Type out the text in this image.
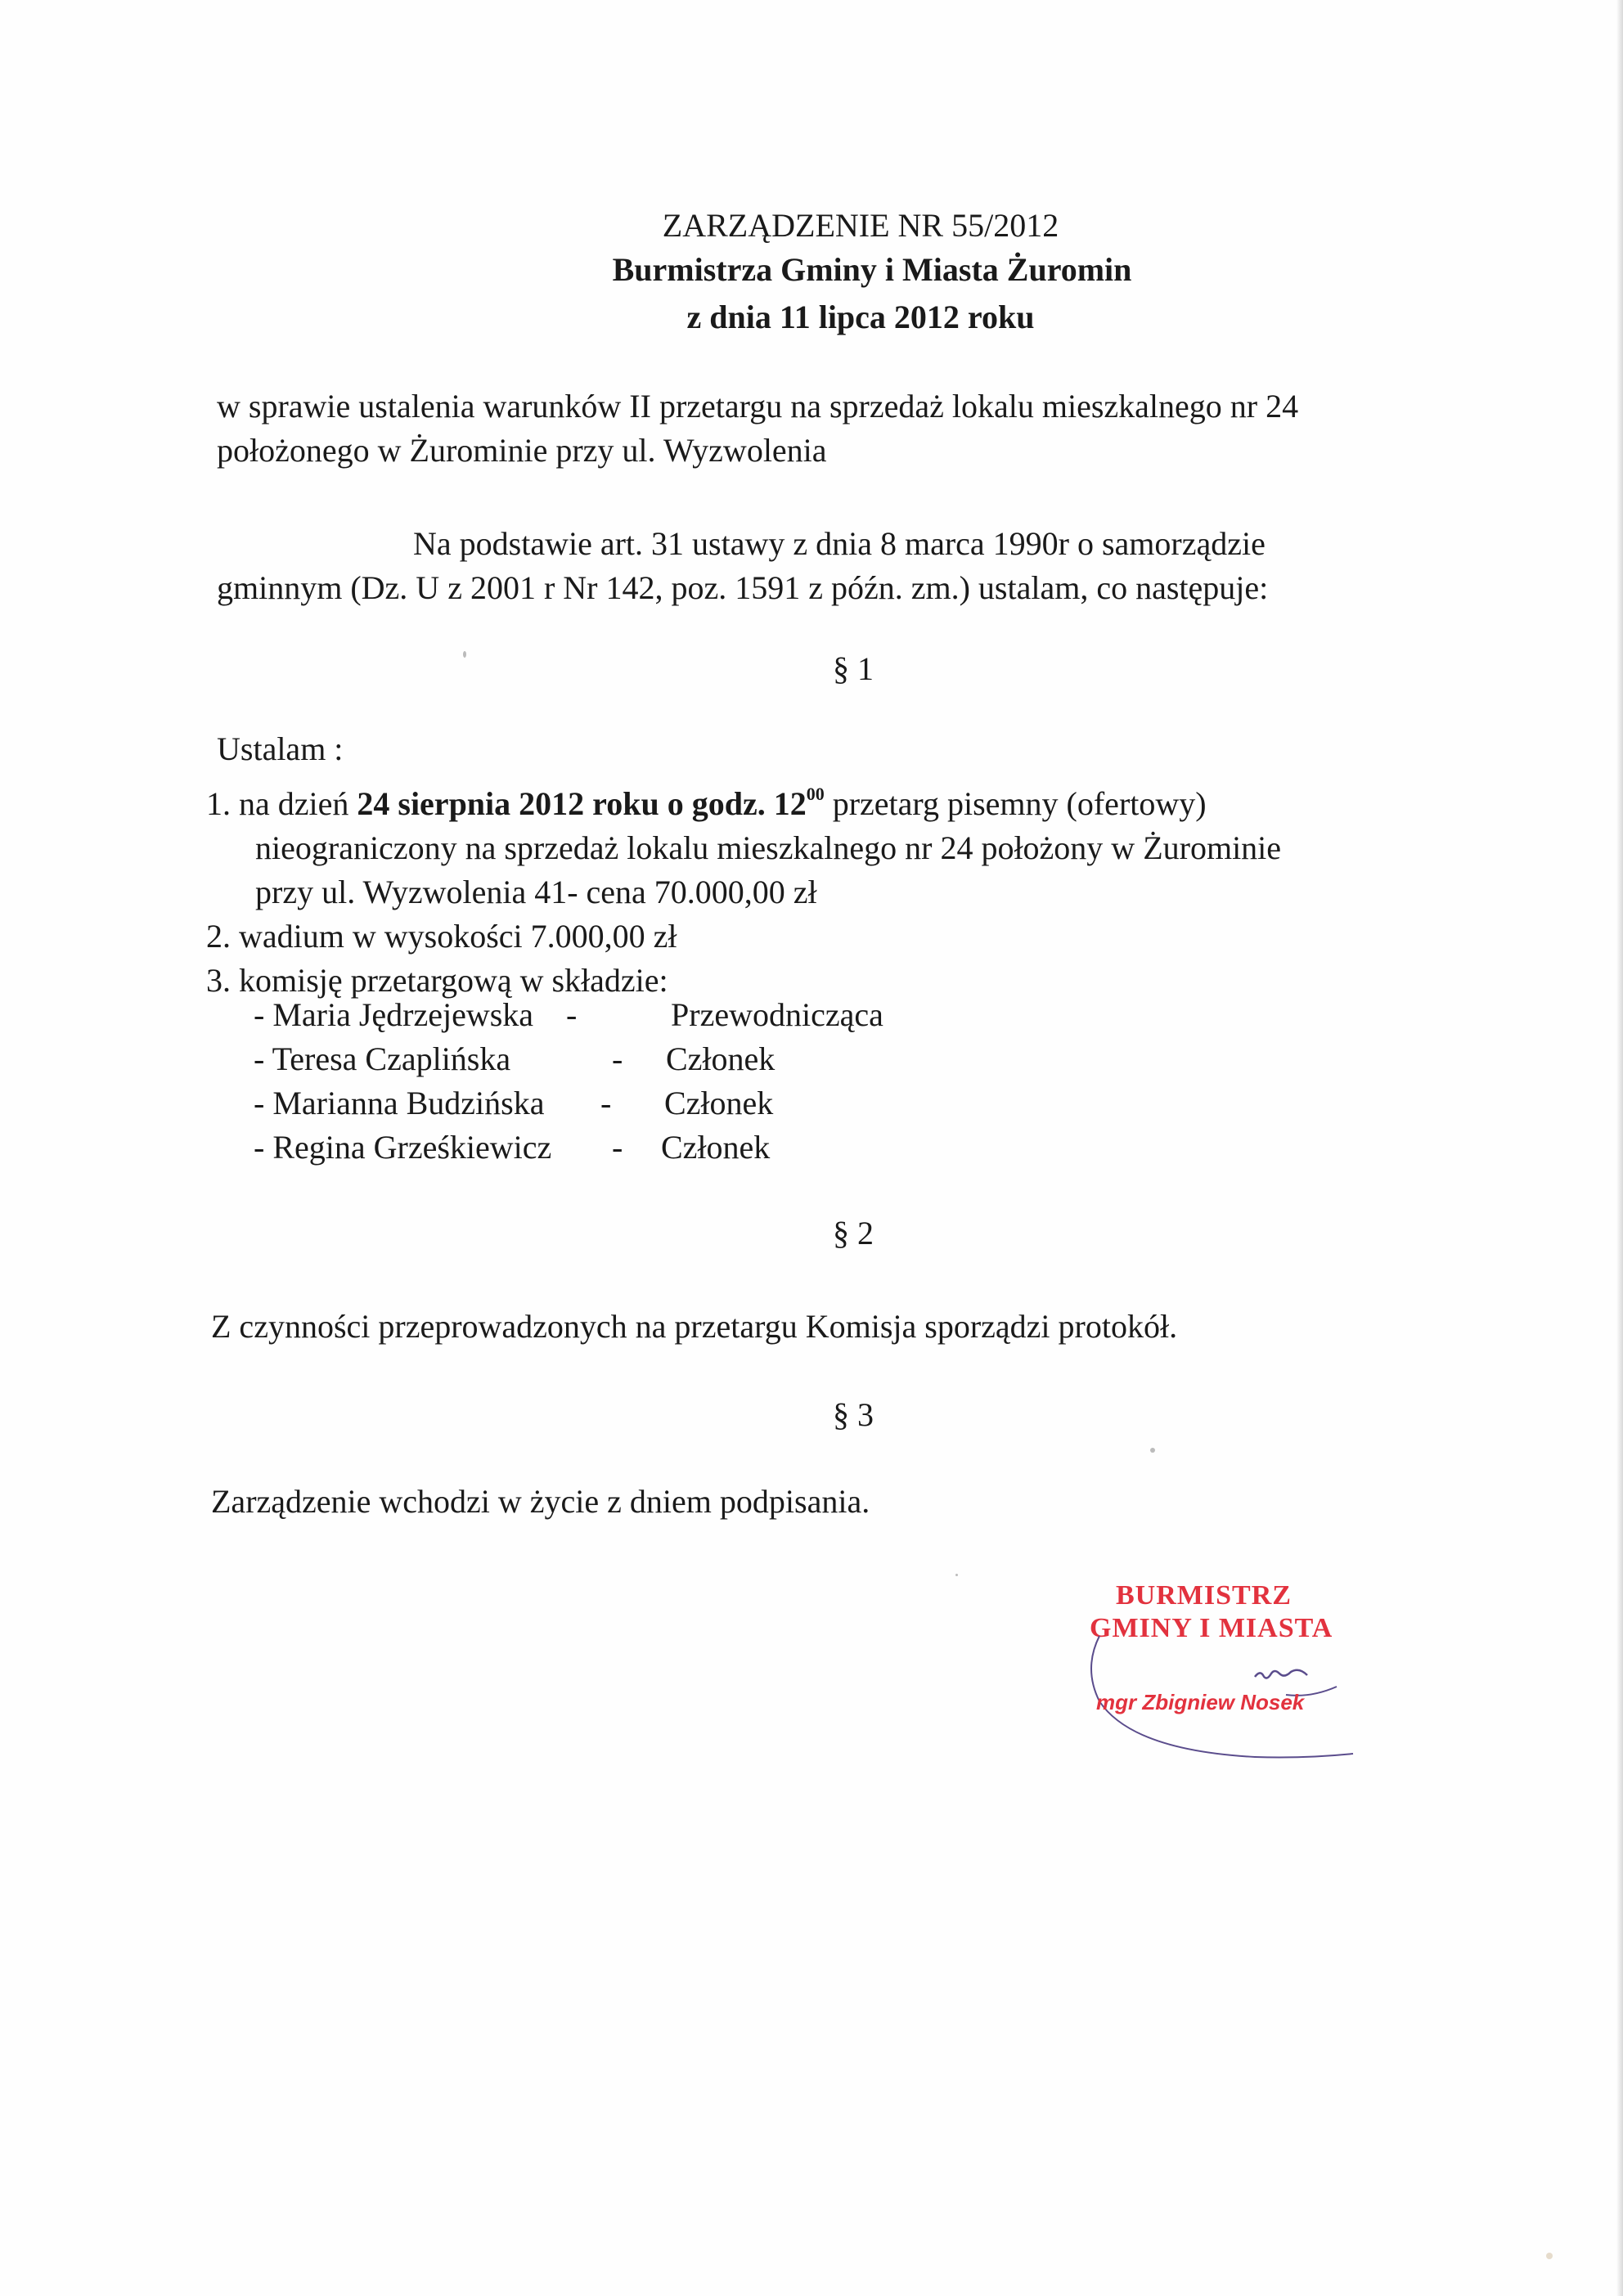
ZARZĄDZENIE NR 55/2012
Burmistrza Gminy i Miasta Żuromin
z dnia 11 lipca 2012 roku
w sprawie ustalenia warunków II przetargu na sprzedaż lokalu mieszkalnego nr 24
położonego w Żurominie przy ul. Wyzwolenia
Na podstawie art. 31 ustawy z dnia 8 marca 1990r o samorządzie
gminnym (Dz. U z 2001 r Nr 142, poz. 1591 z późn. zm.) ustalam, co następuje:
§ 1
Ustalam :
1. na dzień 24 sierpnia 2012 roku o godz. $12^{00}$ przetarg pisemny (ofertowy)
nieograniczony na sprzedaż lokalu mieszkalnego nr 24 położony w Żurominie
przy ul. Wyzwolenia 41- cena 70.000,00 zł
2. wadium w wysokości 7.000,00 zł
3. komisję przetargową w składzie:
- Maria Jędrzejewska -	Przewodnicząca
- Teresa Czaplińska	- Członek
- Marianna Budzińska - Członek
- Regina Grześkiewicz - Członek
§ 2
Z czynności przeprowadzonych na przetargu Komisja sporządzi protokół.
§ 3
Zarządzenie wchodzi w życie z dniem podpisania.
BURMISTRZ
GMINY I MIASTA
mgr Zbigniew Nosek
